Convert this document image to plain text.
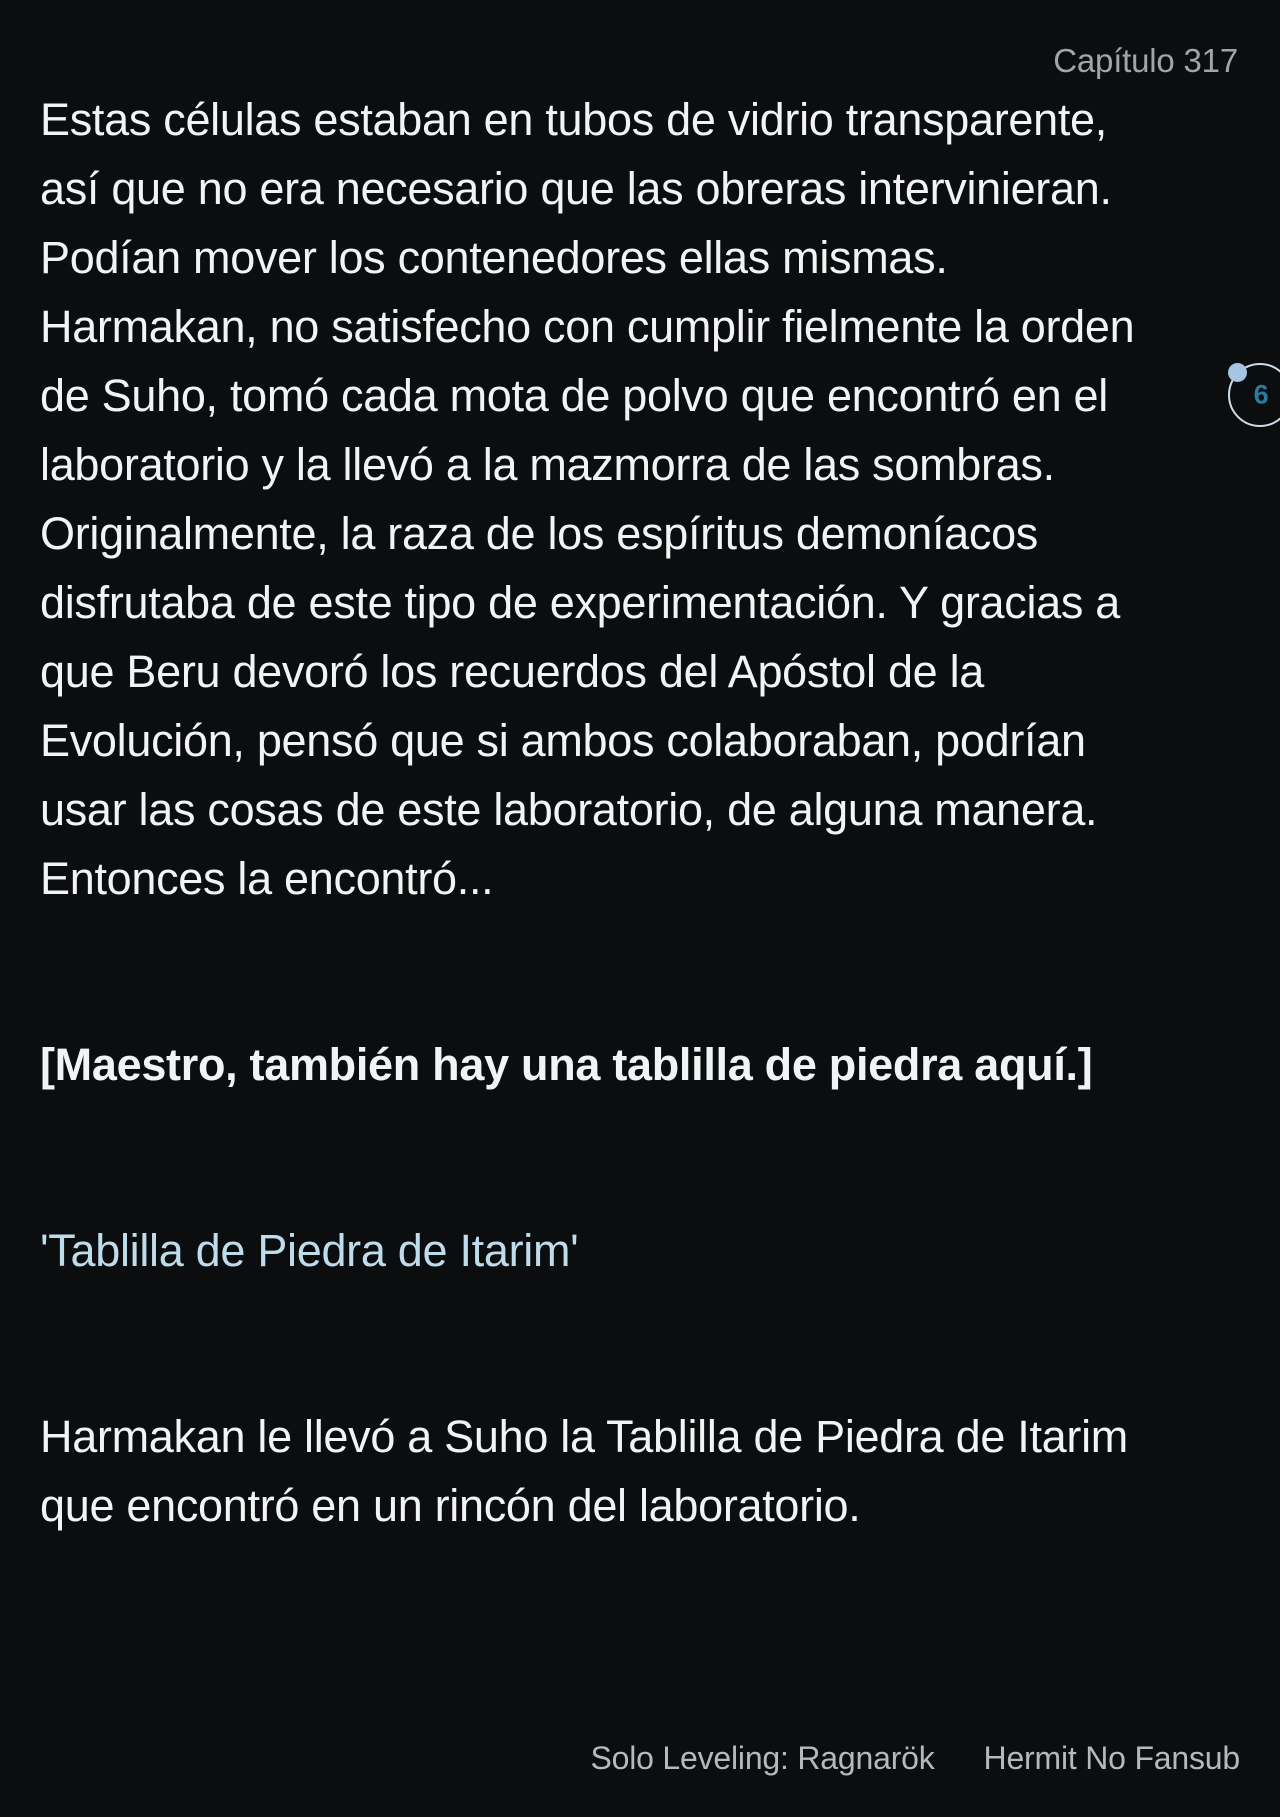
Capítulo 317
Estas células estaban en tubos de vidrio transparente,
así que no era necesario que las obreras intervinieran.
Podían mover los contenedores ellas mismas.
Harmakan, no satisfecho con cumplir fielmente la orden
de Suho, tomó cada mota de polvo que encontró en el
laboratorio y la llevó a la mazmorra de las sombras.
Originalmente, la raza de los espíritus demoníacos
disfrutaba de este tipo de experimentación. Y gracias a
que Beru devoró los recuerdos del Apóstol de la
Evolución, pensó que si ambos colaboraban, podrían
usar las cosas de este laboratorio, de alguna manera.
Entonces la encontró...
[Maestro, también hay una tablilla de piedra aquí.]
'Tablilla de Piedra de Itarim'
Harmakan le llevó a Suho la Tablilla de Piedra de Itarim
que encontró en un rincón del laboratorio.
6
Solo Leveling: Ragnarök Hermit No Fansub
